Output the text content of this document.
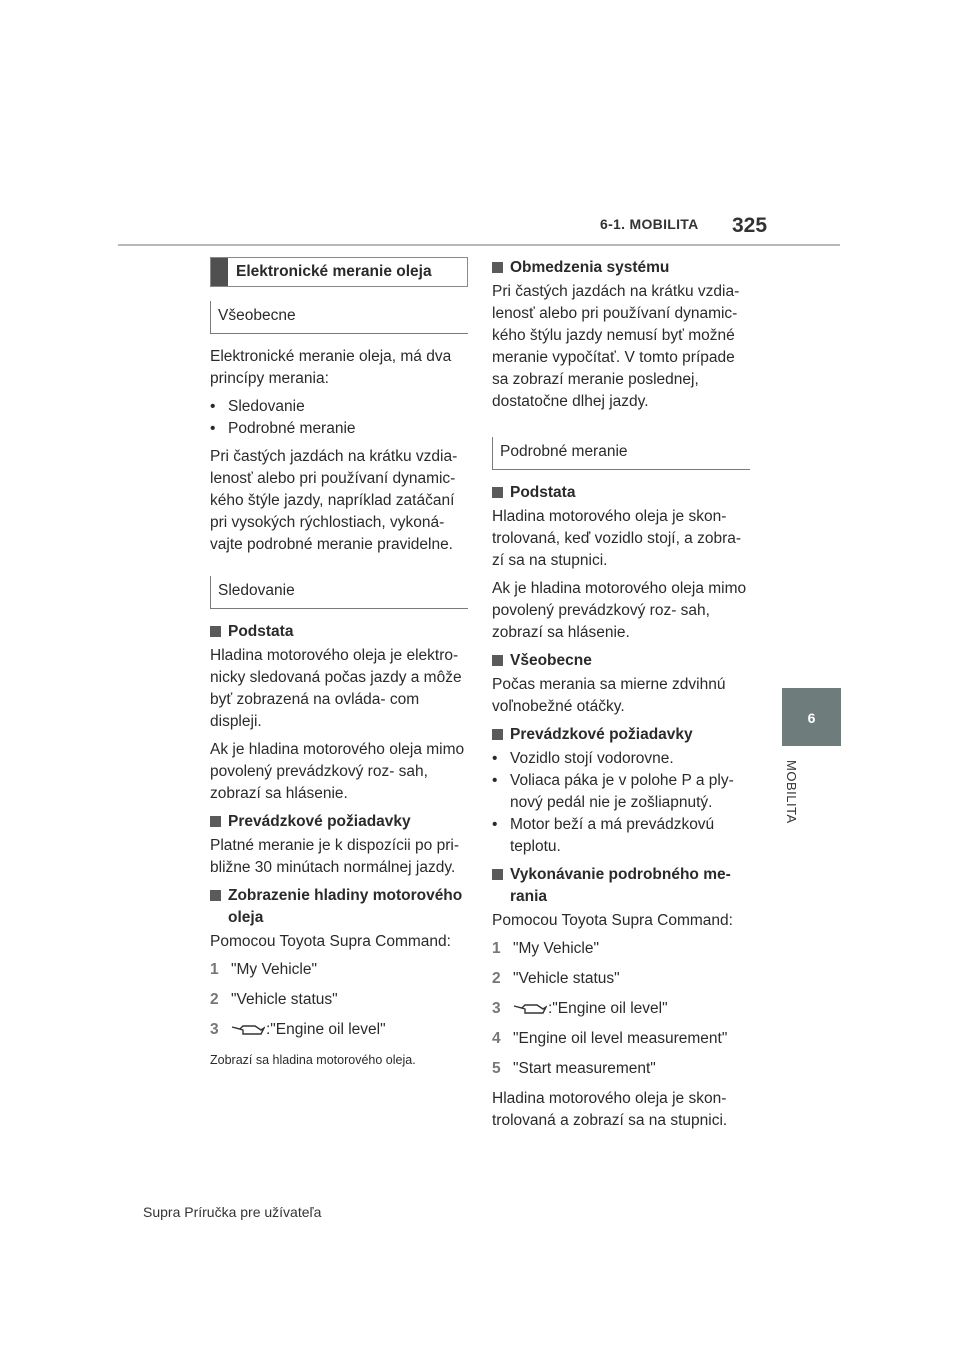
6-1. MOBILITA 325
6
MOBILITA
Elektronické meranie oleja
Všeobecne

Elektronické meranie oleja, má dva princípy merania:

• Sledovanie
• Podrobné meranie

Pri častých jazdách na krátku vzdia- lenosť alebo pri používaní dynamic- kého štýle jazdy, napríklad zatáčaní pri vysokých rýchlostiach, vykoná- vajte podrobné meranie pravidelne.

Sledovanie
Podstata

Hladina motorového oleja je elektro- nicky sledovaná počas jazdy a môže byť zobrazená na ovláda- com displeji.

Ak je hladina motorového oleja mimo povolený prevádzkový roz- sah, zobrazí sa hlásenie.

Prevádzkové požiadavky

Platné meranie je k dispozícii po pri- bližne 30 minútach normálnej jazdy.

Zobrazenie hladiny motorového oleja

Pomocou Toyota Supra Command:

1 "My Vehicle"
2 "Vehicle status"
3	:"Engine oil level"
Zobrazí sa hladina motorového oleja.
Obmedzenia systému

Pri častých jazdách na krátku vzdia- lenosť alebo pri používaní dynamic- kého štýlu jazdy nemusí byť možné meranie vypočítať. V tomto prípade sa zobrazí meranie poslednej, dostatočne dlhej jazdy.

Podrobné meranie
Podstata

Hladina motorového oleja je skon- trolovaná, keď vozidlo stojí, a zobra- zí sa na stupnici.

Ak je hladina motorového oleja mimo povolený prevádzkový roz- sah, zobrazí sa hlásenie.

Všeobecne

Počas merania sa mierne zdvihnú voľnobežné otáčky.

Prevádzkové požiadavky
• Vozidlo stojí vodorovne.
• Voliaca páka je v polohe P a ply- nový pedál nie je zošliapnutý.
• Motor beží a má prevádzkovú teplotu.
Vykonávanie podrobného me- rania

Pomocou Toyota Supra Command:

1 "My Vehicle"
2 "Vehicle status"
3	:"Engine oil level"
4 "Engine oil level measurement"
5 "Start measurement"

Hladina motorového oleja je skon- trolovaná a zobrazí sa na stupnici.

Supra Príručka pre užívateľa
